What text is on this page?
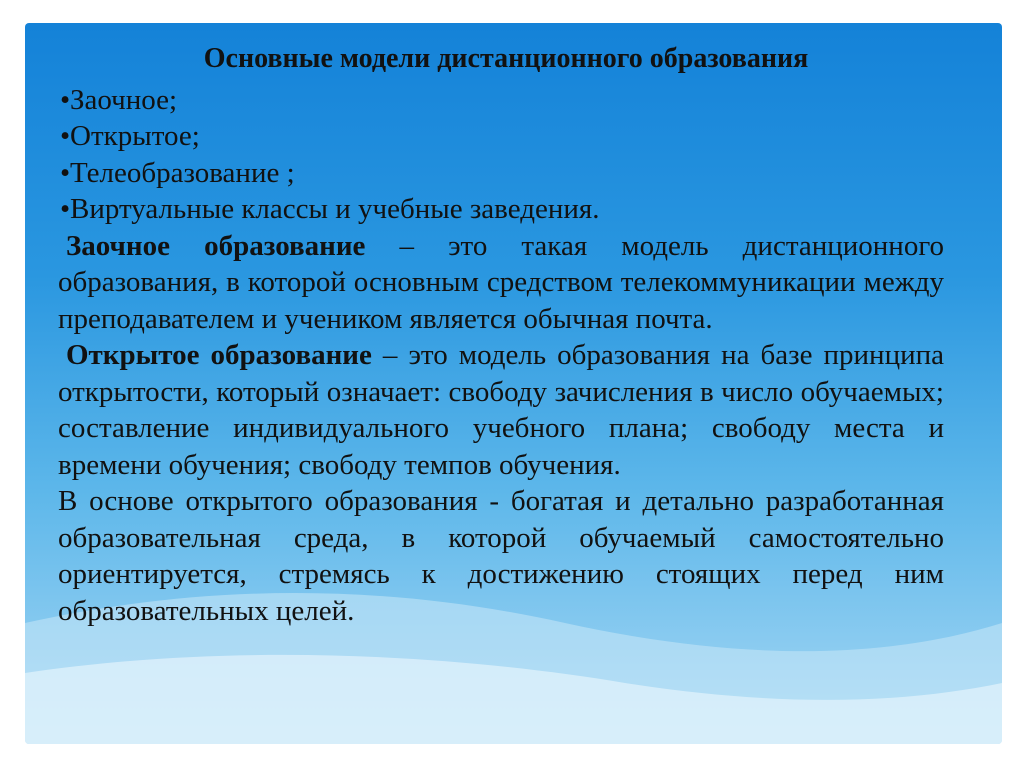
Основные модели дистанционного образования

•Заочное;

•Открытое;

•Телеобразование ;

•Виртуальные классы и учебные заведения.

Заочное образование – это такая модель дистанционного образования, в которой основным средством телекоммуникации между преподавателем и учеником является обычная почта.

Открытое образование – это модель образования на базе принципа открытости, который означает: свободу зачисления в число обучаемых; составление индивидуального учебного плана; свободу места и времени обучения; свободу темпов обучения.

В основе открытого образования - богатая и детально разработанная образовательная среда, в которой обучаемый самостоятельно ориентируется, стремясь к достижению стоящих перед ним образовательных целей.
